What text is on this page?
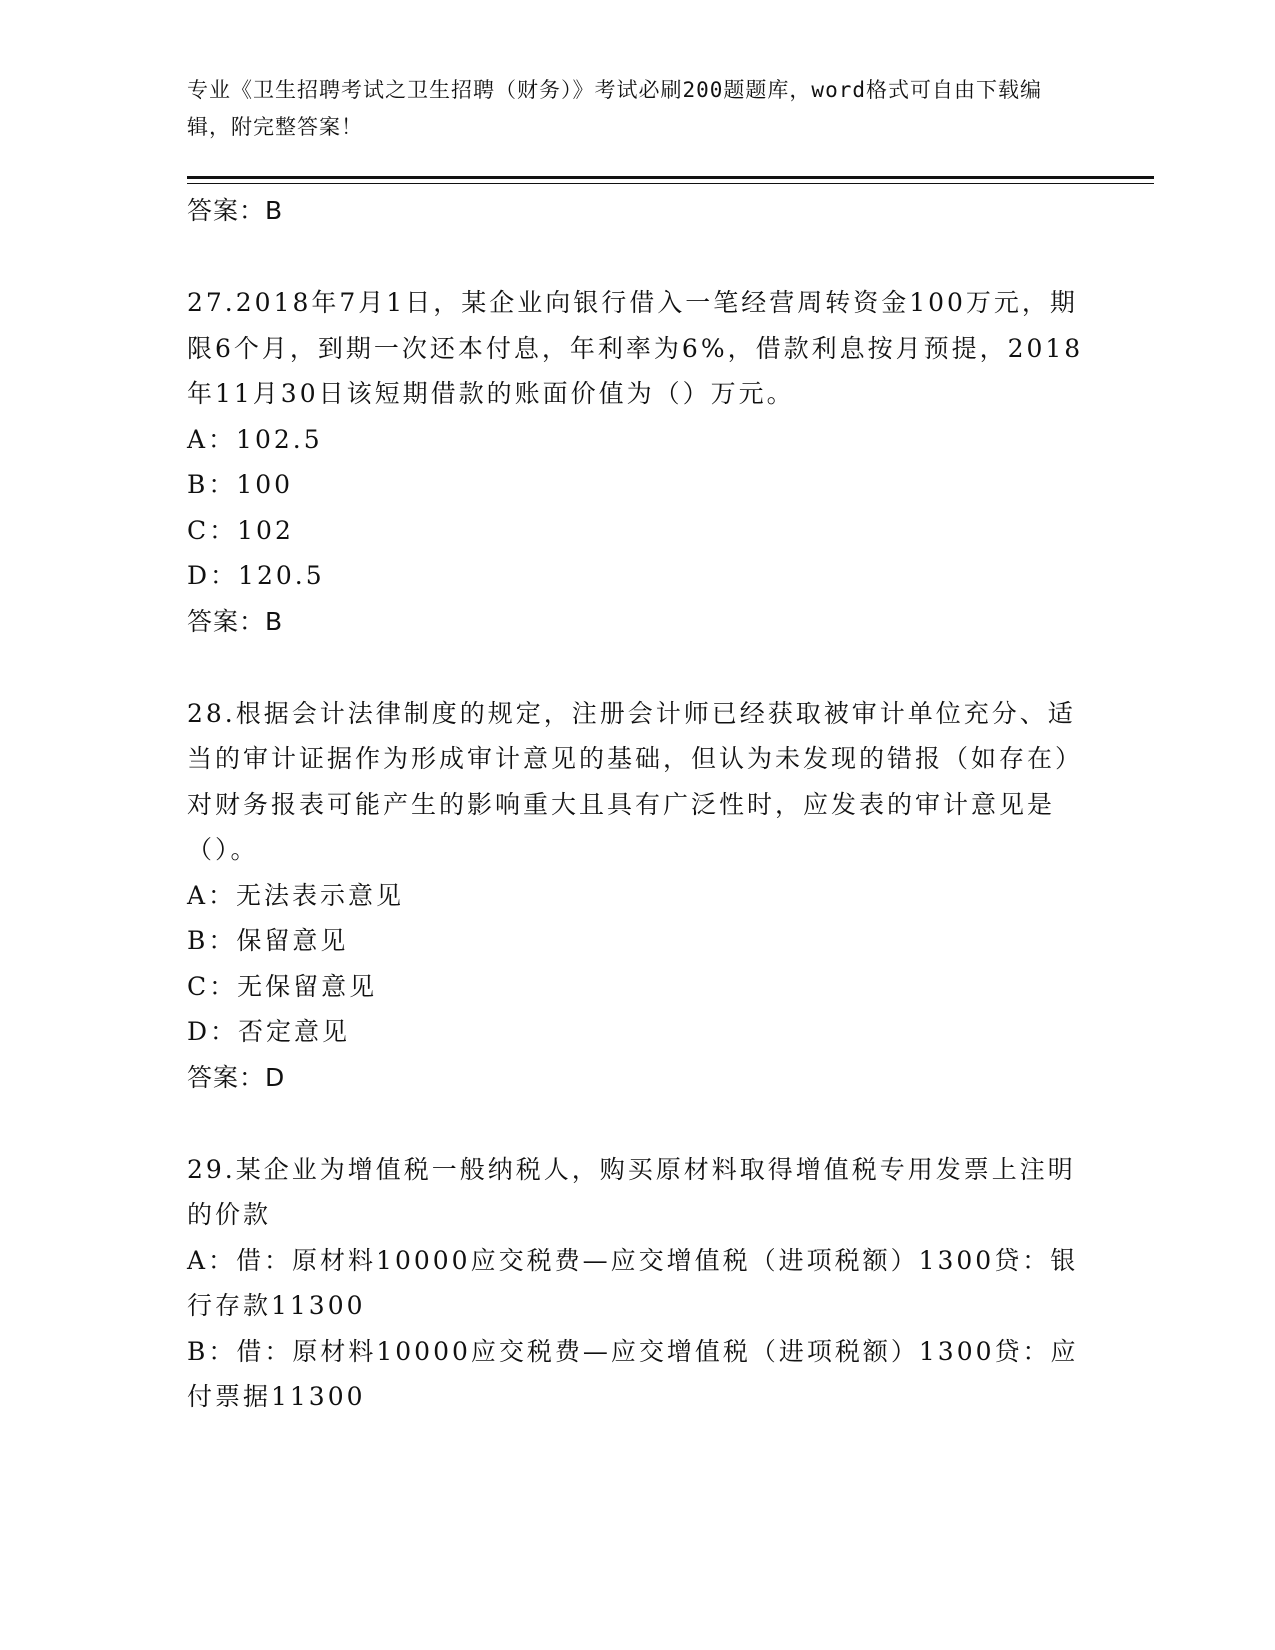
专业《卫生招聘考试之卫生招聘（财务）》考试必刷200题题库，word格式可自由下载编辑，附完整答案！

答案：B

27.2018年7月1日，某企业向银行借入一笔经营周转资金100万元，期限6个月，到期一次还本付息，年利率为6%，借款利息按月预提，2018年11月30日该短期借款的账面价值为（）万元。

A：102.5

B：100

C：102

D：120.5

答案：B

28.根据会计法律制度的规定，注册会计师已经获取被审计单位充分、适当的审计证据作为形成审计意见的基础，但认为未发现的错报（如存在）对财务报表可能产生的影响重大且具有广泛性时，应发表的审计意见是（）。

A：无法表示意见

B：保留意见

C：无保留意见

D：否定意见

答案：D

29.某企业为增值税一般纳税人，购买原材料取得增值税专用发票上注明的价款

A：借：原材料10000应交税费—应交增值税（进项税额）1300贷：银行存款11300

B：借：原材料10000应交税费—应交增值税（进项税额）1300贷：应付票据11300
